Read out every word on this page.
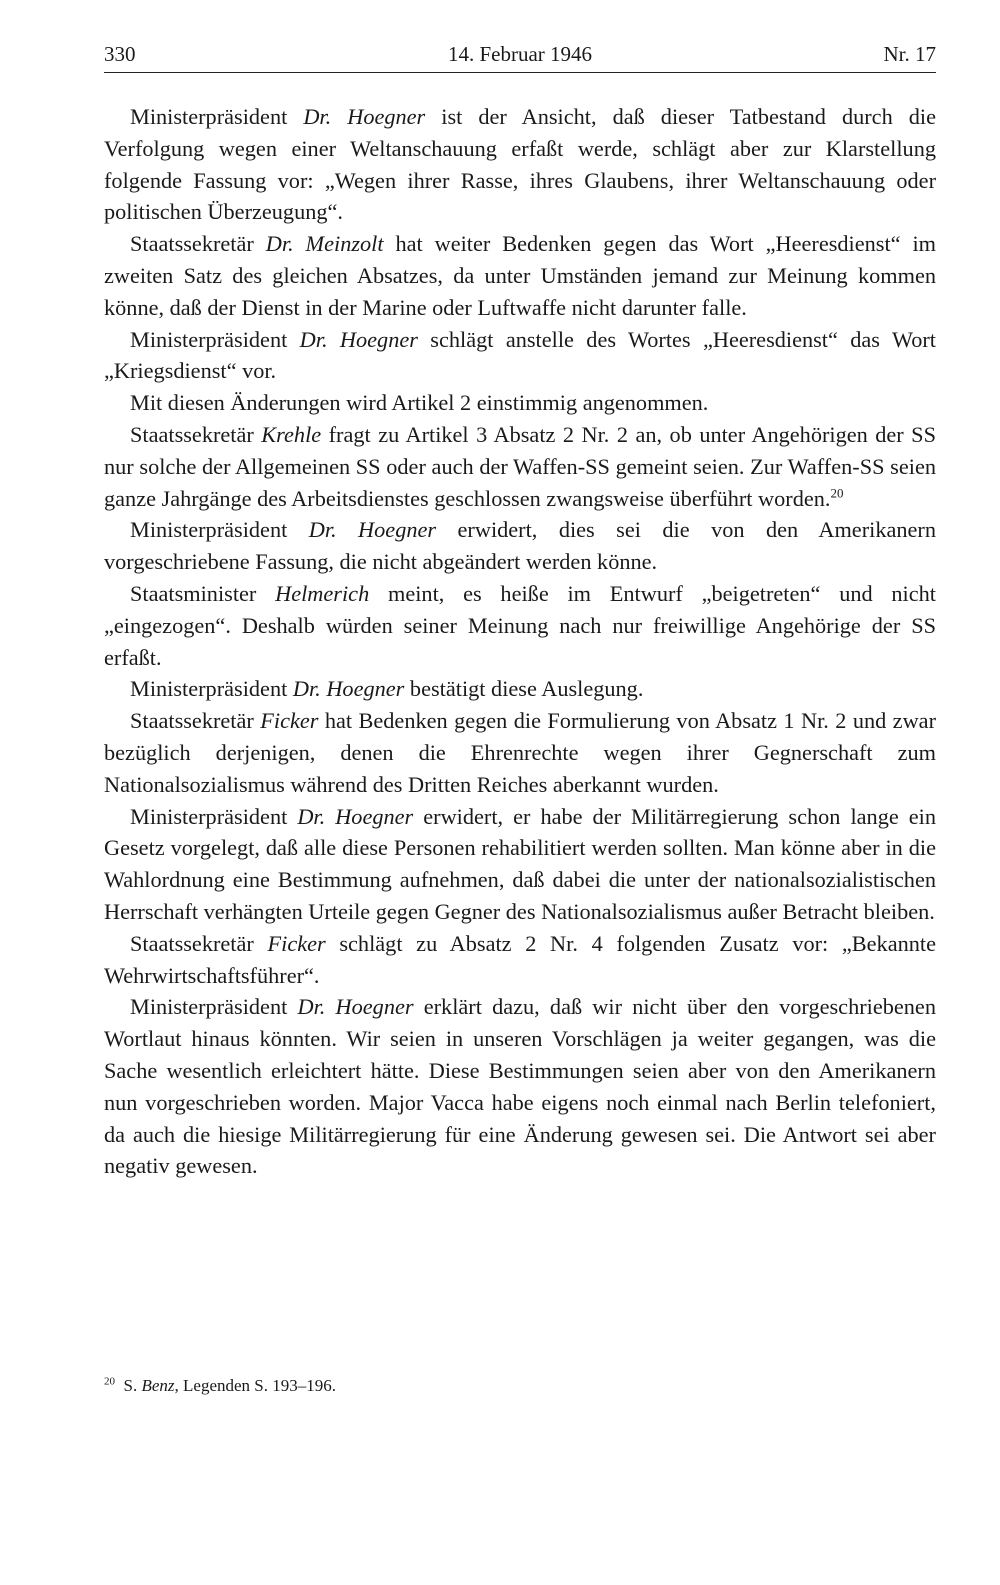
330	14. Februar 1946	Nr. 17

Ministerpräsident Dr. Hoegner ist der Ansicht, daß dieser Tatbestand durch die Verfolgung wegen einer Weltanschauung erfaßt werde, schlägt aber zur Klarstellung folgende Fassung vor: „Wegen ihrer Rasse, ihres Glaubens, ihrer Weltanschauung oder politischen Überzeugung“.

Staatssekretär Dr. Meinzolt hat weiter Bedenken gegen das Wort „Heeresdienst“ im zweiten Satz des gleichen Absatzes, da unter Umständen jemand zur Meinung kommen könne, daß der Dienst in der Marine oder Luftwaffe nicht darunter falle.

Ministerpräsident Dr. Hoegner schlägt anstelle des Wortes „Heeresdienst“ das Wort „Kriegsdienst“ vor.

Mit diesen Änderungen wird Artikel 2 einstimmig angenommen.

Staatssekretär Krehle fragt zu Artikel 3 Absatz 2 Nr. 2 an, ob unter Angehörigen der SS nur solche der Allgemeinen SS oder auch der Waffen-SS gemeint seien. Zur Waffen-SS seien ganze Jahrgänge des Arbeitsdienstes geschlossen zwangsweise überführt worden.$^{20}$

Ministerpräsident Dr. Hoegner erwidert, dies sei die von den Amerikanern vorgeschriebene Fassung, die nicht abgeändert werden könne.

Staatsminister Helmerich meint, es heiße im Entwurf „beigetreten“ und nicht „eingezogen“. Deshalb würden seiner Meinung nach nur freiwillige Angehörige der SS erfaßt.

Ministerpräsident Dr. Hoegner bestätigt diese Auslegung.

Staatssekretär Ficker hat Bedenken gegen die Formulierung von Absatz 1 Nr. 2 und zwar bezüglich derjenigen, denen die Ehrenrechte wegen ihrer Gegnerschaft zum Nationalsozialismus während des Dritten Reiches aberkannt wurden.

Ministerpräsident Dr. Hoegner erwidert, er habe der Militärregierung schon lange ein Gesetz vorgelegt, daß alle diese Personen rehabilitiert werden sollten. Man könne aber in die Wahlordnung eine Bestimmung aufnehmen, daß dabei die unter der nationalsozialistischen Herrschaft verhängten Urteile gegen Gegner des Nationalsozialismus außer Betracht bleiben.

Staatssekretär Ficker schlägt zu Absatz 2 Nr. 4 folgenden Zusatz vor: „Bekannte Wehrwirtschaftsführer“.

Ministerpräsident Dr. Hoegner erklärt dazu, daß wir nicht über den vorgeschriebenen Wortlaut hinaus könnten. Wir seien in unseren Vorschlägen ja weiter gegangen, was die Sache wesentlich erleichtert hätte. Diese Bestimmungen seien aber von den Amerikanern nun vorgeschrieben worden. Major Vacca habe eigens noch einmal nach Berlin telefoniert, da auch die hiesige Militärregierung für eine Änderung gewesen sei. Die Antwort sei aber negativ gewesen.

$^{20}$ S. Benz, Legenden S. 193–196.
